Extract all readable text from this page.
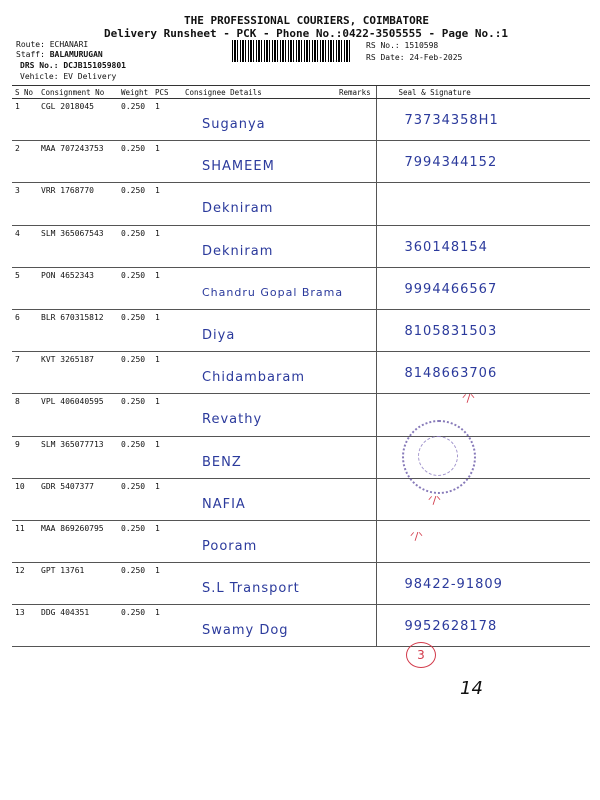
THE PROFESSIONAL COURIERS, COIMBATORE
Delivery Runsheet - PCK - Phone No.:0422-3505555 - Page No.:1
Route: ECHANARI
Staff: BALAMURUGAN
DRS No.: DCJB151059801
Vehicle: EV Delivery
RS No.: 1510598
RS Date: 24-Feb-2025
S No	Consignment No	Weight	PCS	Consignee Details	Remarks	Seal & Signature
1	CGL 2018045	0.250	1	Suganya		73734358H1

2	MAA 707243753	0.250	1	SHAMEEM		7994344152

3	VRR 1768770	0.250	1	Dekniram		

4	SLM 365067543	0.250	1	Dekniram		360148154

5	PON 4652343	0.250	1	Chandru Gopal Brama		9994466567

6	BLR 670315812	0.250	1	Diya		8105831503

7	KVT 3265187	0.250	1	Chidambaram		8148663706

8	VPL 406040595	0.250	1	Revathy		

9	SLM 365077713	0.250	1	BENZ		

10	GDR 5407377	0.250	1	NAFIA		

11	MAA 869260795	0.250	1	Pooram		

12	GPT 13761	0.250	1	S.L Transport		98422-91809

13	DDG 404351	0.250	1	Swamy Dog		9952628178
ᐟ/ᐠ
ᐟ/ᐠ
ᐟ/ᐠ
3
14
